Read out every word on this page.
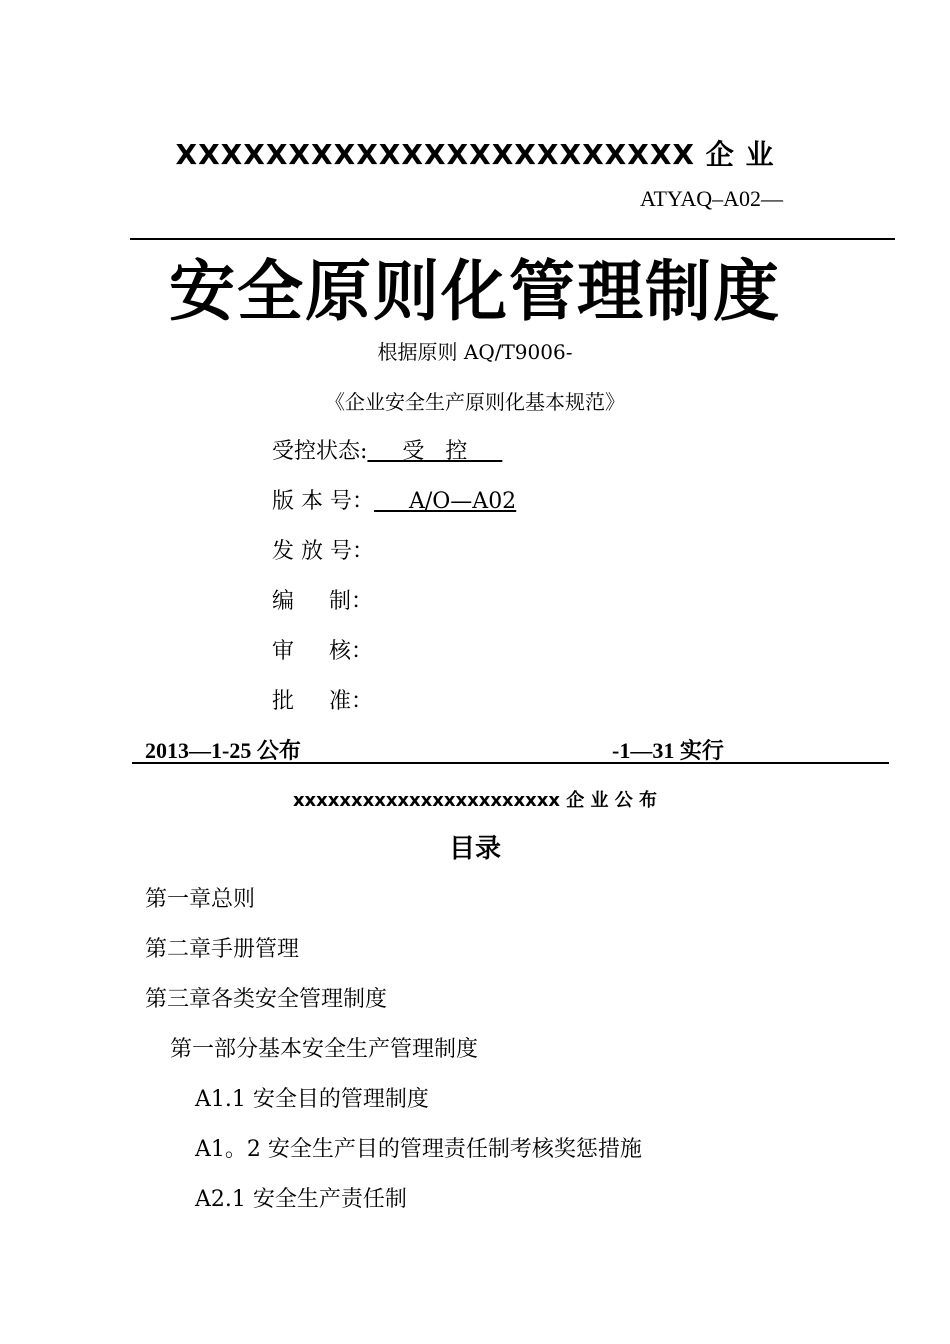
XXXXXXXXXXXXXXXXXXXXXXX 企 业
ATYAQ–A02—
安全原则化管理制度
根据原则 AQ/T9006-
《企业安全生产原则化基本规范》
受控状态:     受   控
版 本 号：     A/O—A02
发 放 号：
编     制：
审     核：
批     准：
2013—1-25 公布	-1—31 实行
xxxxxxxxxxxxxxxxxxxxxxx 企 业 公 布
目录
第一章总则
第二章手册管理
第三章各类安全管理制度
第一部分基本安全生产管理制度
A1.1 安全目的管理制度
A1。2 安全生产目的管理责任制考核奖惩措施
A2.1 安全生产责任制
